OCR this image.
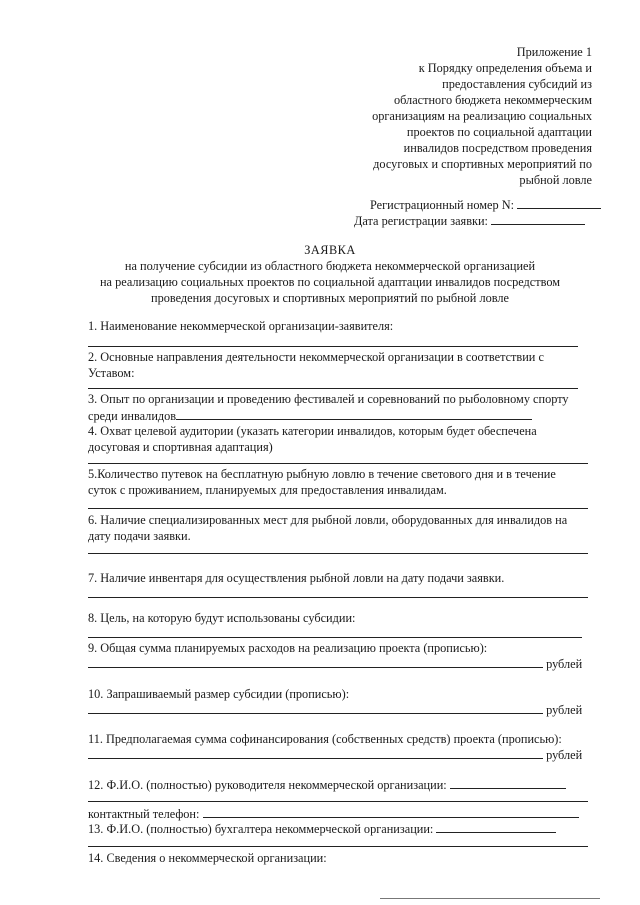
Приложение 1
к Порядку определения объема и
предоставления субсидий из
областного бюджета некоммерческим
организациям на реализацию социальных
проектов по социальной адаптации
инвалидов посредством проведения
досуговых и спортивных мероприятий по
рыбной ловле
Регистрационный номер N:
Дата регистрации заявки:
ЗАЯВКА
на получение субсидии из областного бюджета некоммерческой организацией
на реализацию социальных проектов по социальной адаптации инвалидов посредством
проведения досуговых и спортивных мероприятий по рыбной ловле
1. Наименование некоммерческой организации-заявителя:
2. Основные направления деятельности некоммерческой организации в соответствии с
Уставом:
3. Опыт по организации и проведению фестивалей и соревнований по рыболовному спорту
среди инвалидов
4. Охват целевой аудитории (указать категории инвалидов, которым будет обеспечена
досуговая и спортивная адаптация)
5.Количество путевок на бесплатную рыбную ловлю в течение светового дня и в течение
суток с проживанием, планируемых для предоставления инвалидам.
6. Наличие специализированных мест для рыбной ловли, оборудованных для инвалидов на
дату подачи заявки.
7. Наличие инвентаря для осуществления рыбной ловли на дату подачи заявки.
8. Цель, на которую будут использованы субсидии:
9. Общая сумма планируемых расходов на реализацию проекта (прописью):
рублей
10. Запрашиваемый размер субсидии (прописью):
рублей
11. Предполагаемая сумма софинансирования (собственных средств) проекта (прописью):
рублей
12. Ф.И.О. (полностью) руководителя некоммерческой организации:
контактный телефон:
13. Ф.И.О. (полностью) бухгалтера некоммерческой организации:
14. Сведения о некоммерческой организации:
